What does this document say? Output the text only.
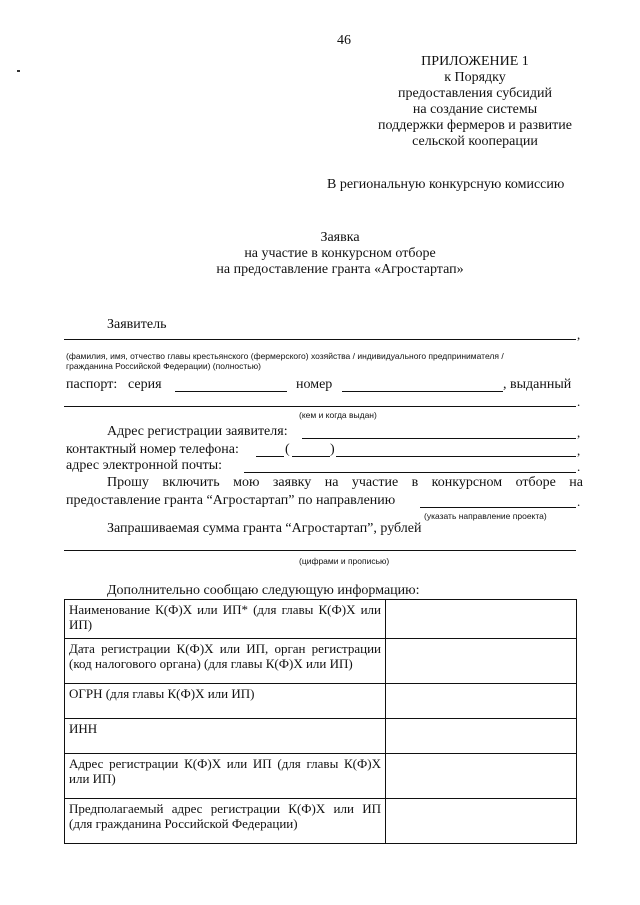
46
ПРИЛОЖЕНИЕ 1
к Порядку
предоставления субсидий
на создание системы
поддержки фермеров и развитие
сельской кооперации
В региональную конкурсную комиссию
Заявка
на участие в конкурсном отборе
на предоставление гранта «Агростартап»
Заявитель
,
(фамилия, имя, отчество главы крестьянского (фермерского) хозяйства / индивидуального предпринимателя /
гражданина Российской Федерации) (полностью)
паспорт: серия	номер	, выданный
.
(кем и когда выдан)
Адрес регистрации заявителя:	,
контактный номер телефона:	(	)	,
адрес электронной почты:	.
Прошу включить мою заявку на участие в конкурсном отборе на
предоставление гранта “Агростартап” по направлению	.
(указать направление проекта)
Запрашиваемая сумма гранта “Агростартап”, рублей
(цифрами и прописью)
Дополнительно сообщаю следующую информацию:
Наименование К(Ф)Х или ИП* (для главы К(Ф)Х или ИП)	
Дата регистрации К(Ф)Х или ИП, орган регистрации (код налогового органа) (для главы К(Ф)Х или ИП)	
ОГРН (для главы К(Ф)Х или ИП)	
ИНН	
Адрес регистрации К(Ф)Х или ИП (для главы К(Ф)Х или ИП)	
Предполагаемый адрес регистрации К(Ф)Х или ИП (для гражданина Российской Федерации)	
